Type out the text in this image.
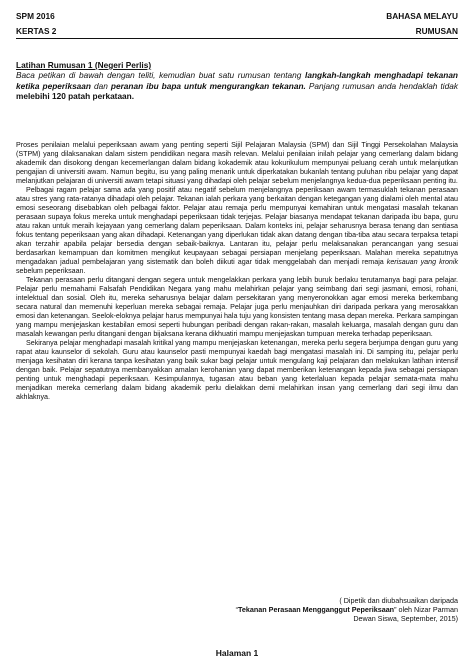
SPM 2016	BAHASA MELAYU
KERTAS 2	RUMUSAN
Latihan Rumusan 1 (Negeri Perlis)

Baca petikan di bawah dengan teliti, kemudian buat satu rumusan tentang langkah-langkah menghadapi tekanan ketika peperiksaan dan peranan ibu bapa untuk mengurangkan tekanan. Panjang rumusan anda hendaklah tidak melebihi 120 patah perkataan.

Proses penilaian melalui peperiksaan awam yang penting seperti Sijil Pelajaran Malaysia (SPM) dan Sijil Tinggi Persekolahan Malaysia (STPM) yang dilaksanakan dalam sistem pendidikan negara masih relevan. Melalui penilaian inilah pelajar yang cemerlang dalam bidang akademik dan disokong dengan kecemerlangan dalam bidang kokademik atau kokurikulum mempunyai peluang cerah untuk melanjutkan pengajian di universiti awam. Namun begitu, isu yang paling menarik untuk diperkatakan bukanlah tentang puluhan ribu pelajar yang dapat melanjutkan pelajaran di universiti awam tetapi situasi yang dihadapi oleh pelajar sebelum menjelangnya kedua-dua peperiksaan penting itu.

Pelbagai ragam pelajar sama ada yang positif atau negatif sebelum menjelangnya peperiksaan awam termasuklah tekanan perasaan atau stres yang rata-ratanya dihadapi oleh pelajar. Tekanan ialah perkara yang berkaitan dengan ketegangan yang dialami oleh mental atau emosi seseorang disebabkan oleh pelbagai faktor. Pelajar atau remaja perlu mempunyai kemahiran untuk mengatasi masalah tekanan perasaan supaya fokus mereka untuk menghadapi peperiksaan tidak terjejas. Pelajar biasanya mendapat tekanan daripada ibu bapa, guru atau rakan untuk meraih kejayaan yang cemerlang dalam peperiksaan. Dalam konteks ini, pelajar seharusnya berasa tenang dan sentiasa fokus tentang peperiksaan yang akan dihadapi. Ketenangan yang diperlukan tidak akan datang dengan tiba-tiba atau secara terpaksa tetapi akan terzahir apabila pelajar bersedia dengan sebaik-baiknya. Lantaran itu, pelajar perlu melaksanakan perancangan yang sesuai berdasarkan kemampuan dan komitmen mengikut keupayaan sebagai persiapan menjelang peperiksaan. Malahan mereka sepatutnya mengadakan jadual pembelajaran yang sistematik dan boleh diikuti agar tidak menggelabah dan menjadi remaja kerisauan yang kronik sebelum peperiksaan.

Tekanan perasaan perlu ditangani dengan segera untuk mengelakkan perkara yang lebih buruk berlaku terutamanya bagi para pelajar. Pelajar perlu memahami Falsafah Pendidikan Negara yang mahu melahirkan pelajar yang seimbang dari segi jasmani, emosi, rohani, intelektual dan sosial. Oleh itu, mereka seharusnya belajar dalam persekitaran yang menyeronokkan agar emosi mereka berkembang secara natural dan memenuhi keperluan mereka sebagai remaja. Pelajar juga perlu menjauhkan diri daripada perkara yang merosakkan emosi dan ketenangan. Seelok-eloknya pelajar harus mempunyai hala tuju yang konsisten tentang masa depan mereka. Perkara sampingan yang mampu menjejaskan kestabilan emosi seperti hubungan peribadi dengan rakan-rakan, masalah keluarga, masalah dengan guru dan masalah kewangan perlu ditangani dengan bijaksana kerana dikhuatiri mampu menjejaskan tumpuan mereka terhadap peperiksaan.

Sekiranya pelajar menghadapi masalah kritikal yang mampu menjejaskan ketenangan, mereka perlu segera berjumpa dengan guru yang rapat atau kaunselor di sekolah. Guru atau kaunselor pasti mempunyai kaedah bagi mengatasi masalah ini. Di samping itu, pelajar perlu menjaga kesihatan diri kerana tanpa kesihatan yang baik sukar bagi pelajar untuk mengulang kaji pelajaran dan melakukan latihan intensif dengan baik. Pelajar sepatutnya membanyakkan amalan kerohanian yang dapat memberikan ketenangan kepada jiwa sebagai persiapan penting untuk menghadapi peperiksaan. Kesimpulannya, tugasan atau beban yang keterlaluan kepada pelajar semata-mata mahu menjadikan mereka cemerlang dalam bidang akademik perlu dielakkan demi melahirkan insan yang cemerlang dari segi ilmu dan akhlaknya.

( Dipetik dan diubahsuaikan daripada
“Tekanan Perasaan Mengganggut Peperiksaan” oleh Nizar Parman
Dewan Siswa, September, 2015)
Halaman 1
